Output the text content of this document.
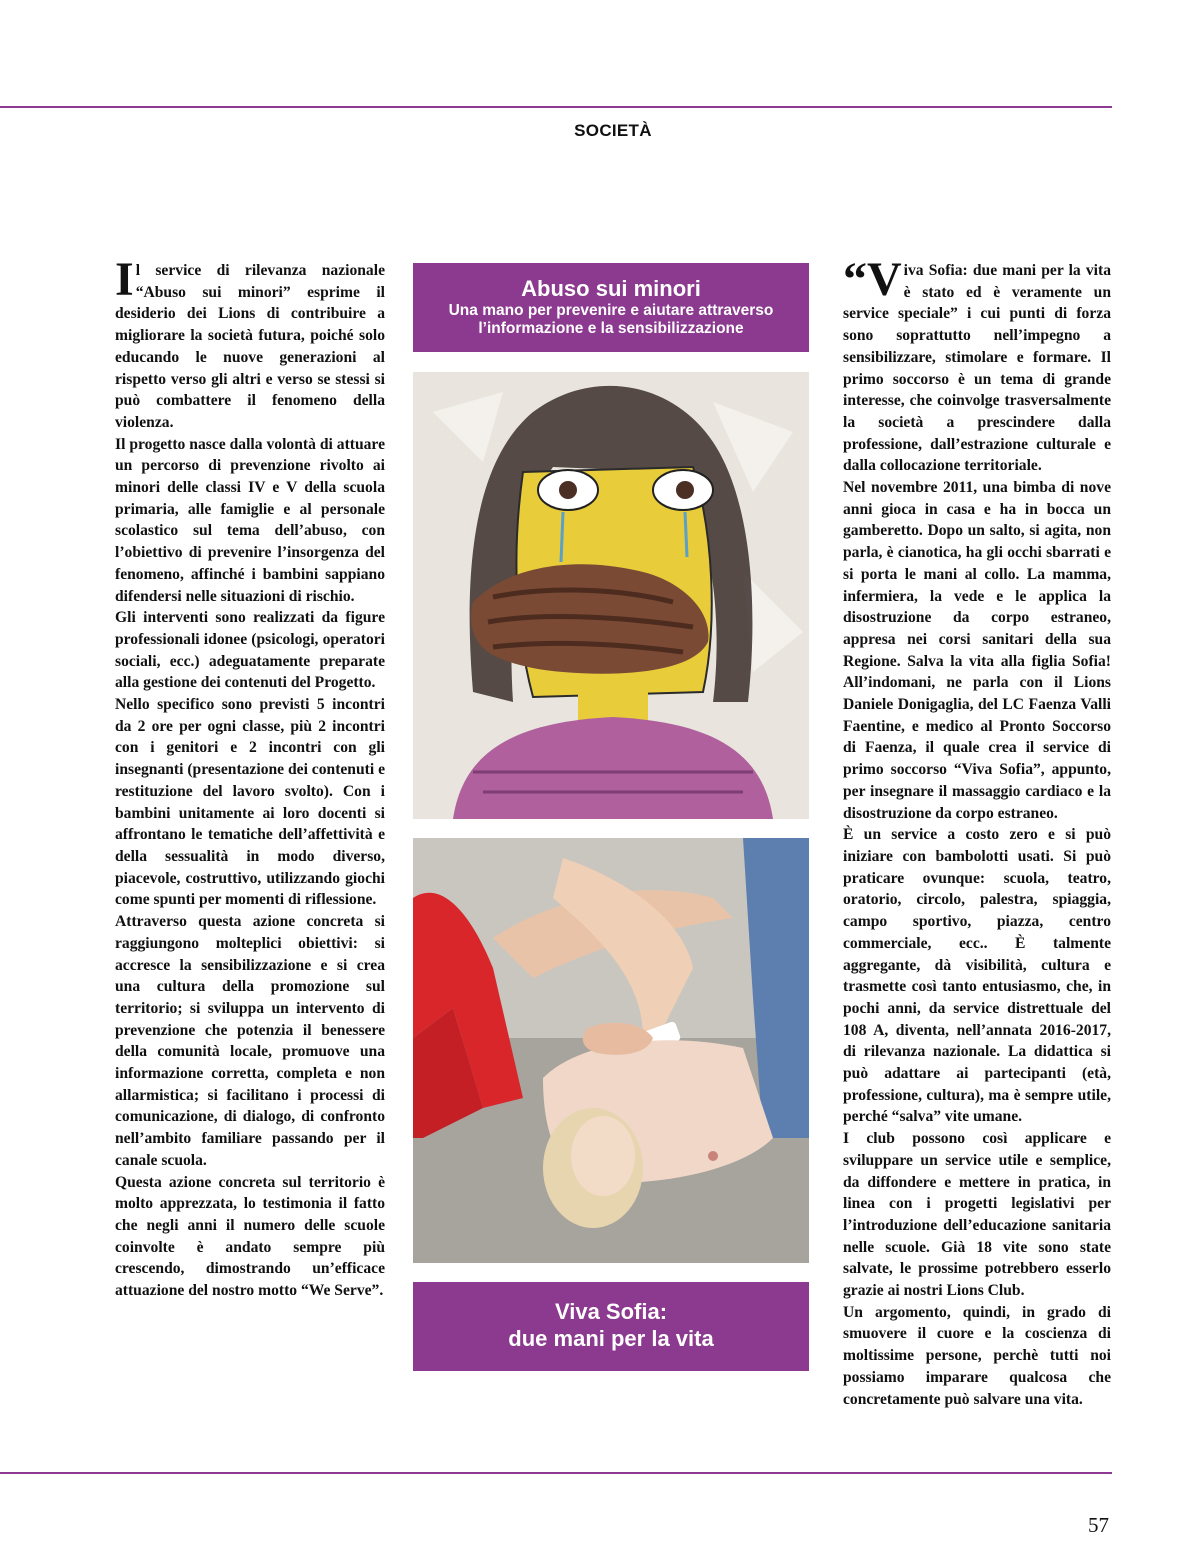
SOCIETÀ

Il service di rilevanza nazionale “Abuso sui minori” esprime il desiderio dei Lions di contribuire a migliorare la società futura, poiché solo educando le nuove generazioni al rispetto verso gli altri e verso se stessi si può combattere il fenomeno della violenza.

Il progetto nasce dalla volontà di attuare un percorso di prevenzione rivolto ai minori delle classi IV e V della scuola primaria, alle famiglie e al personale scolastico sul tema dell’abuso, con l’obiettivo di prevenire l’insorgenza del fenomeno, affinché i bambini sappiano difendersi nelle situazioni di rischio.

Gli interventi sono realizzati da figure professionali idonee (psicologi, operatori sociali, ecc.) adeguatamente preparate alla gestione dei contenuti del Progetto.

Nello specifico sono previsti 5 incontri da 2 ore per ogni classe, più 2 incontri con i genitori e 2 incontri con gli insegnanti (presentazione dei contenuti e restituzione del lavoro svolto). Con i bambini unitamente ai loro docenti si affrontano le tematiche dell’affettività e della sessualità in modo diverso, piacevole, costruttivo, utilizzando giochi come spunti per momenti di riflessione.

Attraverso questa azione concreta si raggiungono molteplici obiettivi: si accresce la sensibilizzazione e si crea una cultura della promozione sul territorio; si sviluppa un intervento di prevenzione che potenzia il benessere della comunità locale, promuove una informazione corretta, completa e non allarmistica; si facilitano i processi di comunicazione, di dialogo, di confronto nell’ambito familiare passando per il canale scuola.

Questa azione concreta sul territorio è molto apprezzata, lo testimonia il fatto che negli anni il numero delle scuole coinvolte è andato sempre più crescendo, dimostrando un’efficace attuazione del nostro motto “We Serve”.

Abuso sui minori
Una mano per prevenire e aiutare attraverso l’informazione e la sensibilizzazione
Viva Sofia:
due mani per la vita

“Viva Sofia: due mani per la vita è stato ed è veramente un service speciale” i cui punti di forza sono soprattutto nell’impegno a sensibilizzare, stimolare e formare. Il primo soccorso è un tema di grande interesse, che coinvolge trasversalmente la società a prescindere dalla professione, dall’estrazione culturale e dalla collocazione territoriale.

Nel novembre 2011, una bimba di nove anni gioca in casa e ha in bocca un gamberetto. Dopo un salto, si agita, non parla, è cianotica, ha gli occhi sbarrati e si porta le mani al collo. La mamma, infermiera, la vede e le applica la disostruzione da corpo estraneo, appresa nei corsi sanitari della sua Regione. Salva la vita alla figlia Sofia! All’indomani, ne parla con il Lions Daniele Donigaglia, del LC Faenza Valli Faentine, e medico al Pronto Soccorso di Faenza, il quale crea il service di primo soccorso “Viva Sofia”, appunto, per insegnare il massaggio cardiaco e la disostruzione da corpo estraneo.

È un service a costo zero e si può iniziare con bambolotti usati. Si può praticare ovunque: scuola, teatro, oratorio, circolo, palestra, spiaggia, campo sportivo, piazza, centro commerciale, ecc.. È talmente aggregante, dà visibilità, cultura e trasmette così tanto entusiasmo, che, in pochi anni, da service distrettuale del 108 A, diventa, nell’annata 2016-2017, di rilevanza nazionale. La didattica si può adattare ai partecipanti (età, professione, cultura), ma è sempre utile, perché “salva” vite umane.

I club possono così applicare e sviluppare un service utile e semplice, da diffondere e mettere in pratica, in linea con i progetti legislativi per l’introduzione dell’educazione sanitaria nelle scuole. Già 18 vite sono state salvate, le prossime potrebbero esserlo grazie ai nostri Lions Club.

Un argomento, quindi, in grado di smuovere il cuore e la coscienza di moltissime persone, perchè tutti noi possiamo imparare qualcosa che concretamente può salvare una vita.

57
